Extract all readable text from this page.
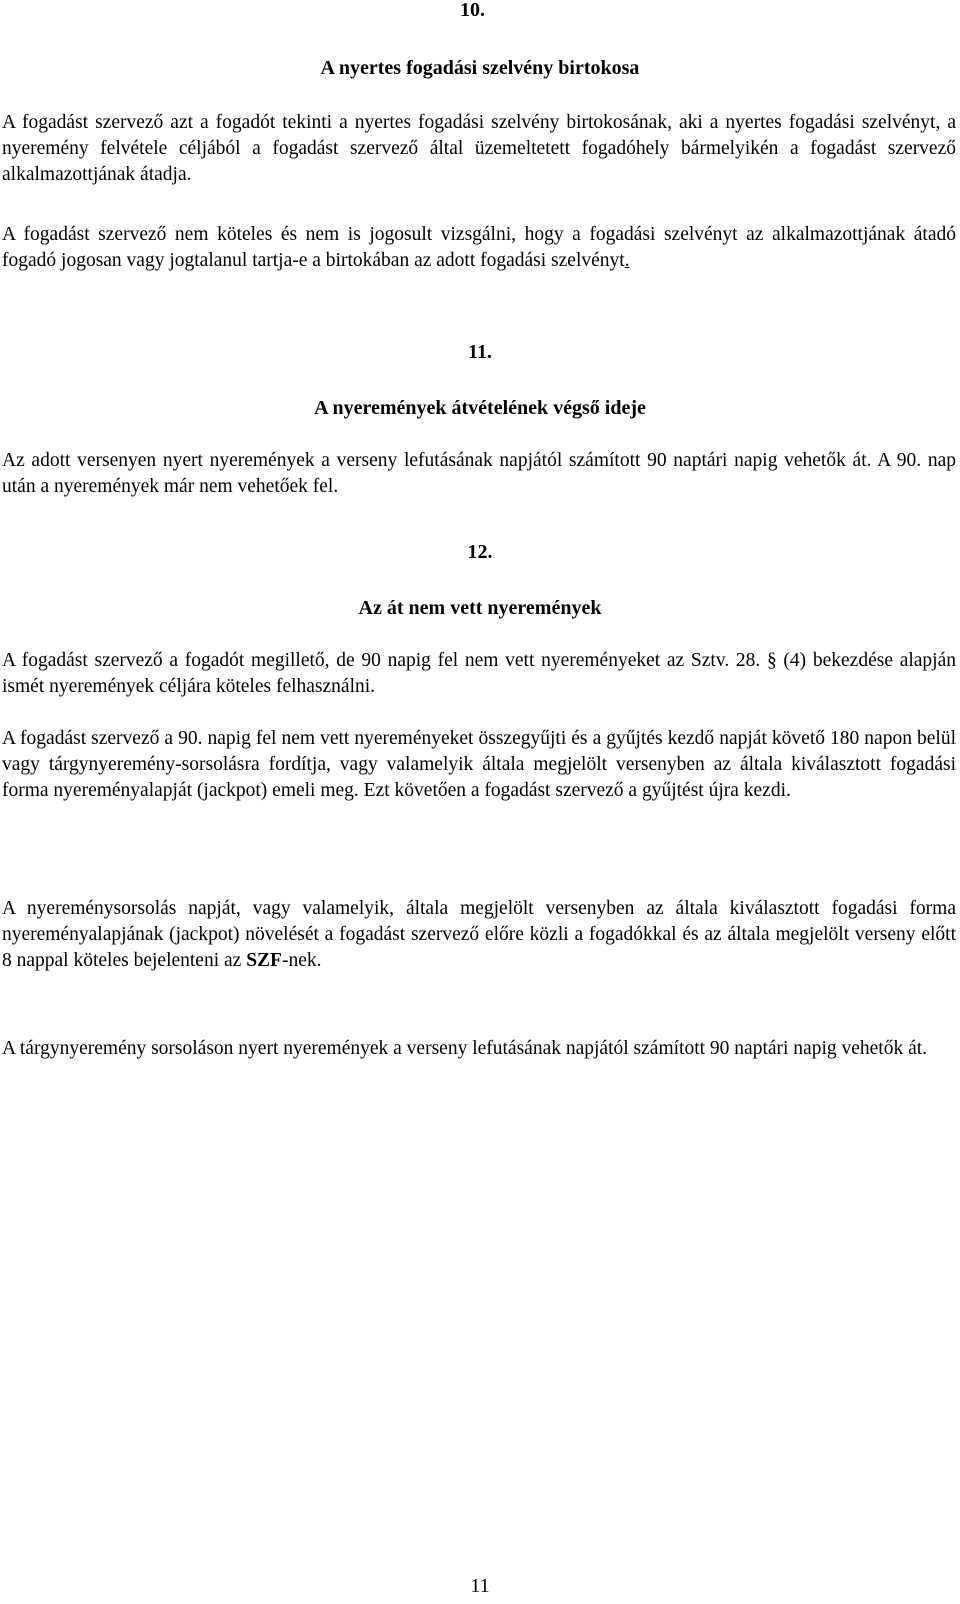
10.
A nyertes fogadási szelvény birtokosa

A fogadást szervező azt a fogadót tekinti a nyertes fogadási szelvény birtokosának, aki a nyertes fogadási szelvényt, a nyeremény felvétele céljából a fogadást szervező által üzemeltetett fogadóhely bármelyikén a fogadást szervező alkalmazottjának átadja.

A fogadást szervező nem köteles és nem is jogosult vizsgálni, hogy a fogadási szelvényt az alkalmazottjának átadó fogadó jogosan vagy jogtalanul tartja-e a birtokában az adott fogadási szelvényt.

11.
A nyeremények átvételének végső ideje

Az adott versenyen nyert nyeremények a verseny lefutásának napjától számított 90 naptári napig vehetők át. A 90. nap után a nyeremények már nem vehetőek fel.

12.
Az át nem vett nyeremények

A fogadást szervező a fogadót megillető, de 90 napig fel nem vett nyereményeket az Sztv. 28. § (4) bekezdése alapján ismét nyeremények céljára köteles felhasználni.

A fogadást szervező a 90. napig fel nem vett nyereményeket összegyűjti és a gyűjtés kezdő napját követő 180 napon belül vagy tárgynyeremény-sorsolásra fordítja, vagy valamelyik általa megjelölt versenyben az általa kiválasztott fogadási forma nyereményalapját (jackpot) emeli meg. Ezt követően a fogadást szervező a gyűjtést újra kezdi.

A nyereménysorsolás napját, vagy valamelyik, általa megjelölt versenyben az általa kiválasztott fogadási forma nyereményalapjának (jackpot) növelését a fogadást szervező előre közli a fogadókkal és az általa megjelölt verseny előtt 8 nappal köteles bejelenteni az SZF-nek.

A tárgynyeremény sorsoláson nyert nyeremények a verseny lefutásának napjától számított 90 naptári napig vehetők át.

11
